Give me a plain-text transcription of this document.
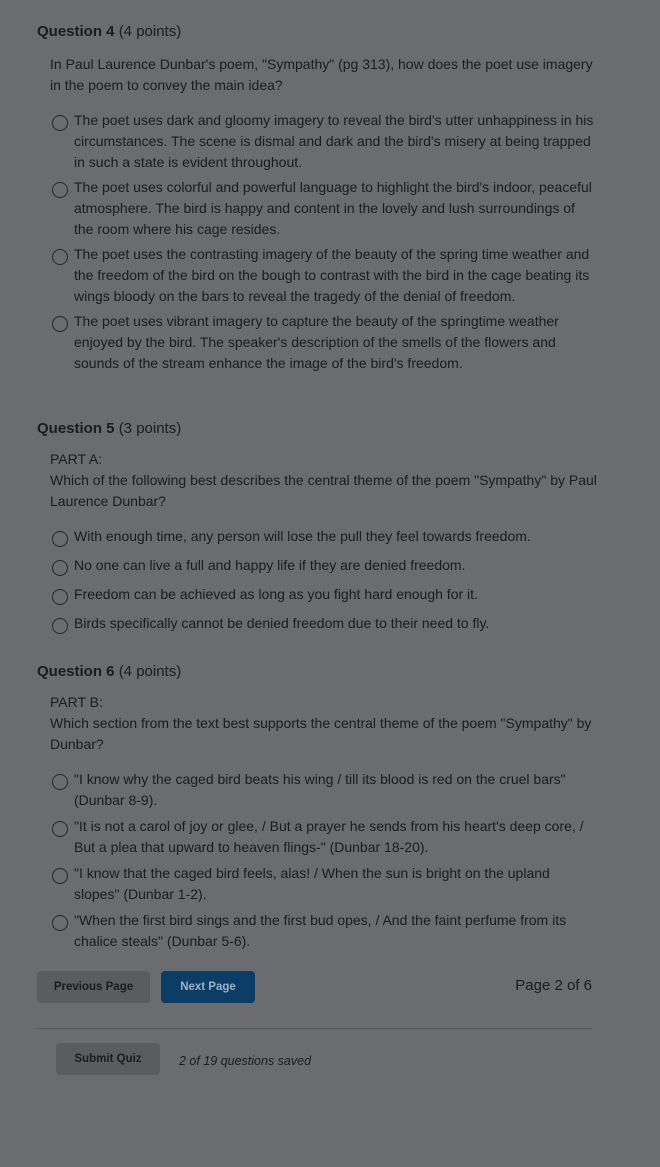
Question 4 (4 points)

In Paul Laurence Dunbar's poem, "Sympathy" (pg 313), how does the poet use imagery in the poem to convey the main idea?
The poet uses dark and gloomy imagery to reveal the bird's utter unhappiness in his circumstances. The scene is dismal and dark and the bird's misery at being trapped in such a state is evident throughout.
The poet uses colorful and powerful language to highlight the bird's indoor, peaceful atmosphere. The bird is happy and content in the lovely and lush surroundings of the room where his cage resides.
The poet uses the contrasting imagery of the beauty of the spring time weather and the freedom of the bird on the bough to contrast with the bird in the cage beating its wings bloody on the bars to reveal the tragedy of the denial of freedom.
The poet uses vibrant imagery to capture the beauty of the springtime weather enjoyed by the bird. The speaker's description of the smells of the flowers and sounds of the stream enhance the image of the bird's freedom.

Question 5 (3 points)

PART A:
Which of the following best describes the central theme of the poem "Sympathy" by Paul Laurence Dunbar?
With enough time, any person will lose the pull they feel towards freedom.
No one can live a full and happy life if they are denied freedom.
Freedom can be achieved as long as you fight hard enough for it.
Birds specifically cannot be denied freedom due to their need to fly.

Question 6 (4 points)

PART B:
Which section from the text best supports the central theme of the poem "Sympathy" by Dunbar?
"I know why the caged bird beats his wing / till its blood is red on the cruel bars" (Dunbar 8-9).
"It is not a carol of joy or glee, / But a prayer he sends from his heart's deep core, / But a plea that upward to heaven flings-" (Dunbar 18-20).
"I know that the caged bird feels, alas! / When the sun is bright on the upland slopes" (Dunbar 1-2).
"When the first bird sings and the first bud opes, / And the faint perfume from its chalice steals" (Dunbar 5-6).
Previous Page	Next Page	Page 2 of 6
Submit Quiz	2 of 19 questions saved
